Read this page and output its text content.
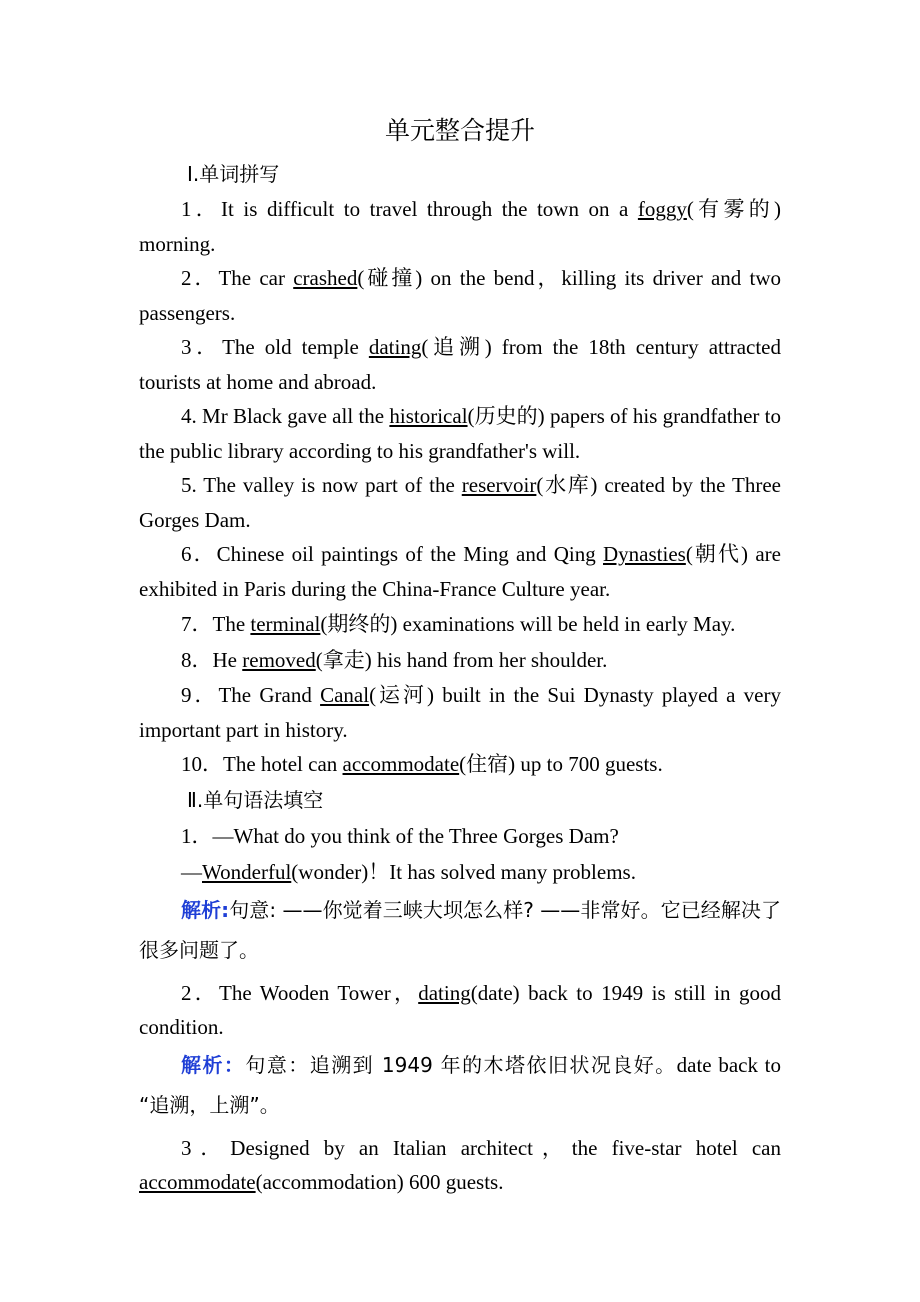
单元整合提升
Ⅰ.单词拼写

1．It is difficult to travel through the town on a foggy(有雾的) morning.

2．The car crashed(碰撞) on the bend，killing its driver and two passengers.

3．The old temple dating(追溯) from the 18th century attracted tourists at home and abroad.

4. Mr Black gave all the historical(历史的) papers of his grandfather to the public library according to his grandfather's will.

5. The valley is now part of the reservoir(水库) created by the Three Gorges Dam.

6．Chinese oil paintings of the Ming and Qing Dynasties(朝代) are exhibited in Paris during the China-France Culture year.

7．The terminal(期终的) examinations will be held in early May.

8．He removed(拿走) his hand from her shoulder.

9．The Grand Canal(运河) built in the Sui Dynasty played a very important part in history.

10．The hotel can accommodate(住宿) up to 700 guests.

Ⅱ.单句语法填空

1．—What do you think of the Three Gorges Dam?

—Wonderful(wonder)！It has solved many problems.

解析:句意: ——你觉着三峡大坝怎么样? ——非常好。它已经解决了很多问题了。

2．The Wooden Tower，dating(date) back to 1949 is still in good condition.

解析：句意：追溯到 1949 年的木塔依旧状况良好。date back to “追溯，上溯”。

3．Designed by an Italian architect，the five-star hotel can accommodate(accommodation) 600 guests.
